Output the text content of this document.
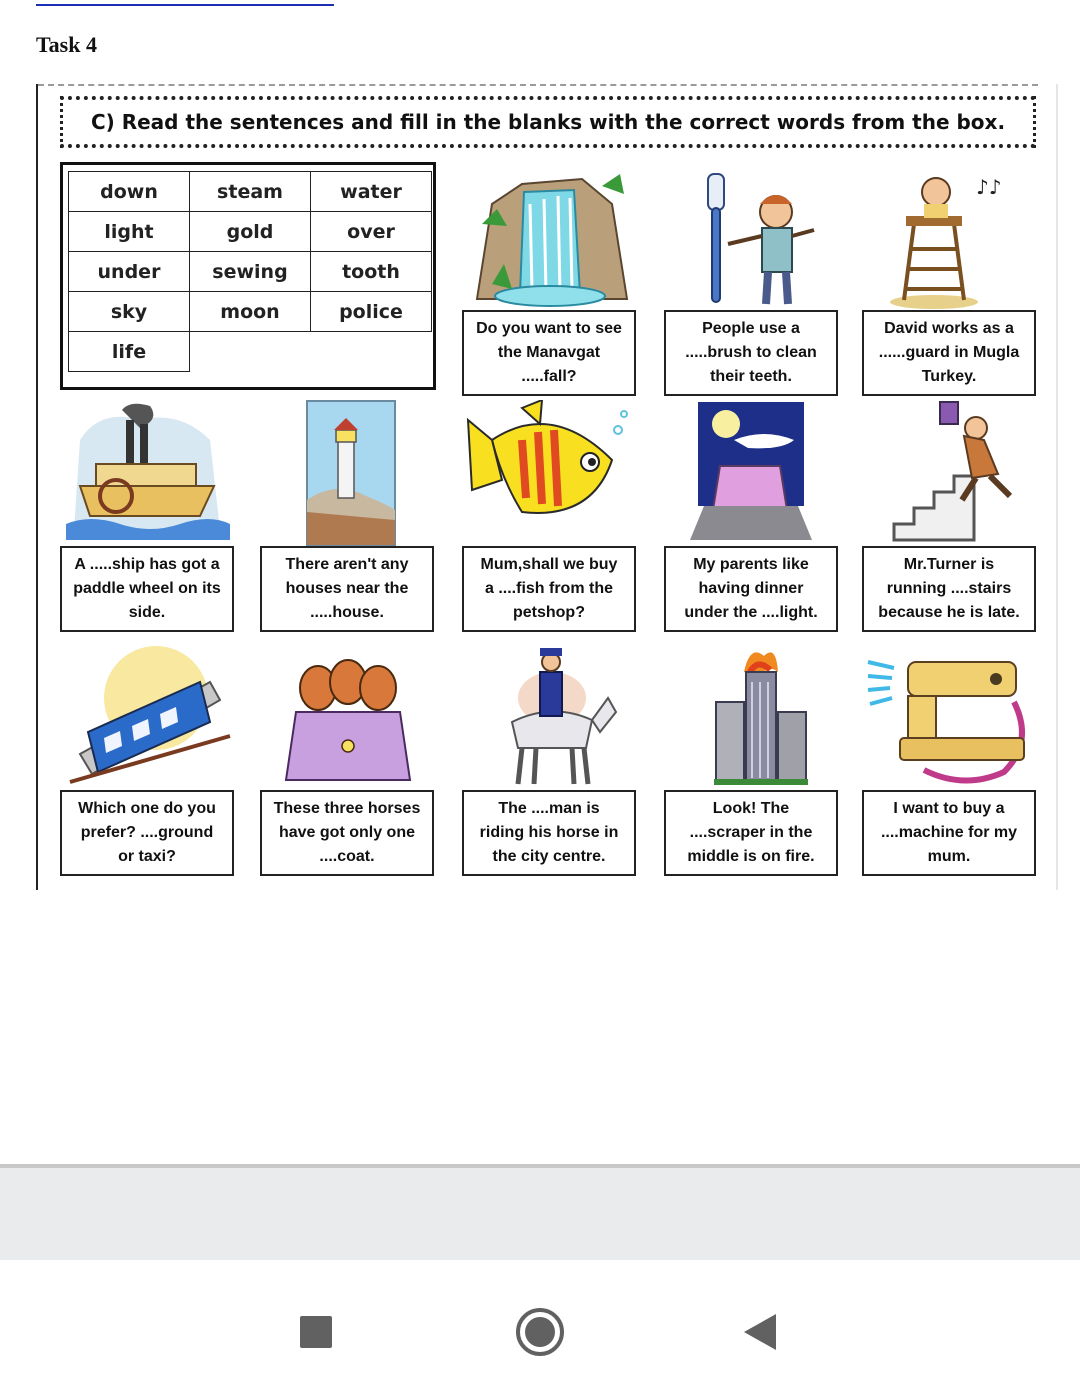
Task 4
C) Read the sentences and fill in the blanks with the correct words from the box.
down	steam	water
light	gold	over
under	sewing	tooth
sky	moon	police
life		
♪♪
Do you want to see
the Manavgat
.....fall?
People use a
.....brush to clean
their teeth.
David works as a
......guard in Mugla
Turkey.
A .....ship has got a
paddle wheel on its
side.
There aren't any
houses near the
.....house.
Mum,shall we buy
a ....fish from the
petshop?
My parents like
having dinner
under the ....light.
Mr.Turner is
running ....stairs
because he is late.
Which one do you
prefer? ....ground
or taxi?
These three horses
have got only one
....coat.
The ....man is
riding his horse in
the city centre.
Look! The
....scraper in the
middle is on fire.
I want to buy a
....machine for my
mum.
